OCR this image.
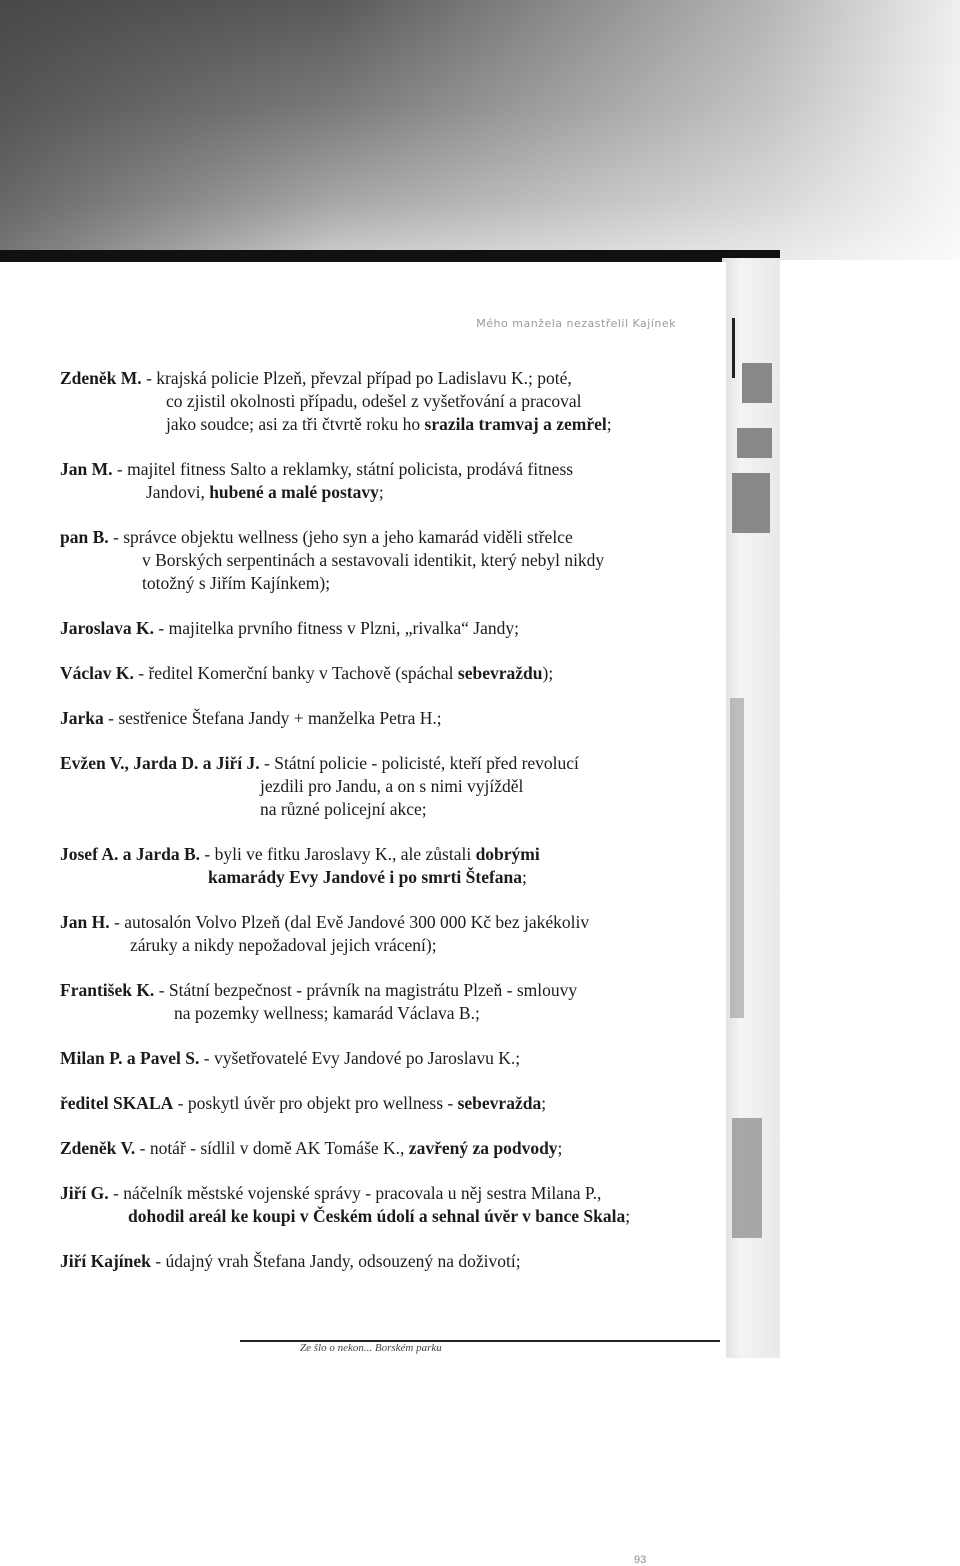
Mého manžela nezastřelil Kajínek
Zdeněk M. - krajská policie Plzeň, převzal případ po Ladislavu K.; poté,
co zjistil okolnosti případu, odešel z vyšetřování a pracoval
jako soudce; asi za tři čtvrtě roku ho srazila tramvaj a zemřel;
Jan M. - majitel fitness Salto a reklamky, státní policista, prodává fitness
Jandovi, hubené a malé postavy;
pan B. - správce objektu wellness (jeho syn a jeho kamarád viděli střelce
v Borských serpentinách a sestavovali identikit, který nebyl nikdy
totožný s Jiřím Kajínkem);
Jaroslava K. - majitelka prvního fitness v Plzni, „rivalka“ Jandy;
Václav K. - ředitel Komerční banky v Tachově (spáchal sebevraždu);
Jarka - sestřenice Štefana Jandy + manželka Petra H.;
Evžen V., Jarda D. a Jiří J. - Státní policie - policisté, kteří před revolucí
jezdili pro Jandu, a on s nimi vyjížděl
na různé policejní akce;
Josef A. a Jarda B. - byli ve fitku Jaroslavy K., ale zůstali dobrými
kamarády Evy Jandové i po smrti Štefana;
Jan H. - autosalón Volvo Plzeň (dal Evě Jandové 300 000 Kč bez jakékoliv
záruky a nikdy nepožadoval jejich vrácení);
František K. - Státní bezpečnost - právník na magistrátu Plzeň - smlouvy
na pozemky wellness; kamarád Václava B.;
Milan P. a Pavel S. - vyšetřovatelé Evy Jandové po Jaroslavu K.;
ředitel SKALA - poskytl úvěr pro objekt pro wellness - sebevražda;
Zdeněk V. - notář - sídlil v domě AK Tomáše K., zavřený za podvody;
Jiří G. - náčelník městské vojenské správy - pracovala u něj sestra Milana P.,
dohodil areál ke koupi v Českém údolí a sehnal úvěr v bance Skala;
Jiří Kajínek - údajný vrah Štefana Jandy, odsouzený na doživotí;
93
Ze šlo o nekon... Borském parku
